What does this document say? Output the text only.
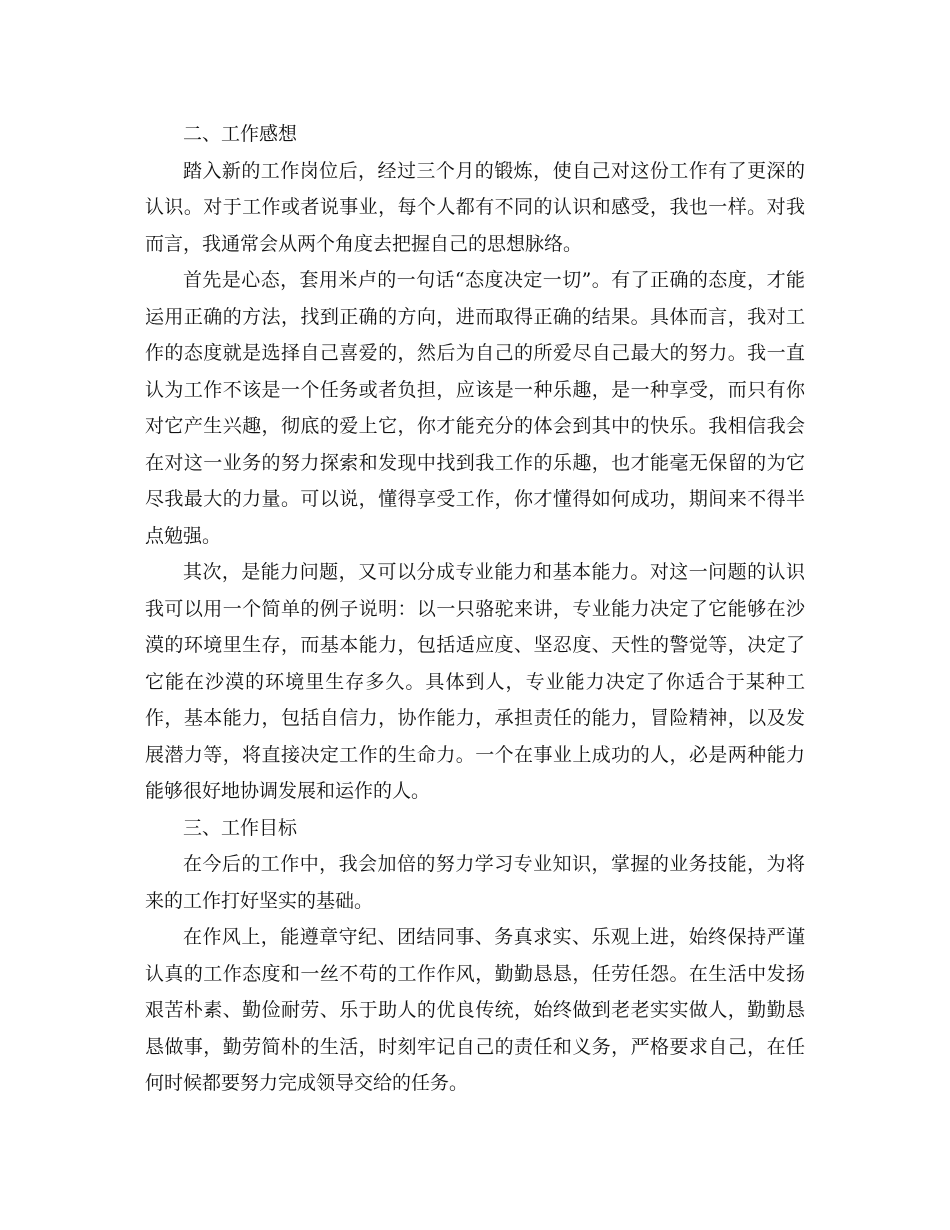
二、工作感想

踏入新的工作岗位后，经过三个月的锻炼，使自己对这份工作有了更深的认识。对于工作或者说事业，每个人都有不同的认识和感受，我也一样。对我而言，我通常会从两个角度去把握自己的思想脉络。

首先是心态，套用米卢的一句话“态度决定一切”。有了正确的态度，才能运用正确的方法，找到正确的方向，进而取得正确的结果。具体而言，我对工作的态度就是选择自己喜爱的，然后为自己的所爱尽自己最大的努力。我一直认为工作不该是一个任务或者负担，应该是一种乐趣，是一种享受，而只有你对它产生兴趣，彻底的爱上它，你才能充分的体会到其中的快乐。我相信我会在对这一业务的努力探索和发现中找到我工作的乐趣，也才能毫无保留的为它尽我最大的力量。可以说，懂得享受工作，你才懂得如何成功，期间来不得半点勉强。

其次，是能力问题，又可以分成专业能力和基本能力。对这一问题的认识我可以用一个简单的例子说明：以一只骆驼来讲，专业能力决定了它能够在沙漠的环境里生存，而基本能力，包括适应度、坚忍度、天性的警觉等，决定了它能在沙漠的环境里生存多久。具体到人，专业能力决定了你适合于某种工作，基本能力，包括自信力，协作能力，承担责任的能力，冒险精神，以及发展潜力等，将直接决定工作的生命力。一个在事业上成功的人，必是两种能力能够很好地协调发展和运作的人。

三、工作目标

在今后的工作中，我会加倍的努力学习专业知识，掌握的业务技能，为将来的工作打好坚实的基础。

在作风上，能遵章守纪、团结同事、务真求实、乐观上进，始终保持严谨认真的工作态度和一丝不苟的工作作风，勤勤恳恳，任劳任怨。在生活中发扬艰苦朴素、勤俭耐劳、乐于助人的优良传统，始终做到老老实实做人，勤勤恳恳做事，勤劳简朴的生活，时刻牢记自己的责任和义务，严格要求自己，在任何时候都要努力完成领导交给的任务。
